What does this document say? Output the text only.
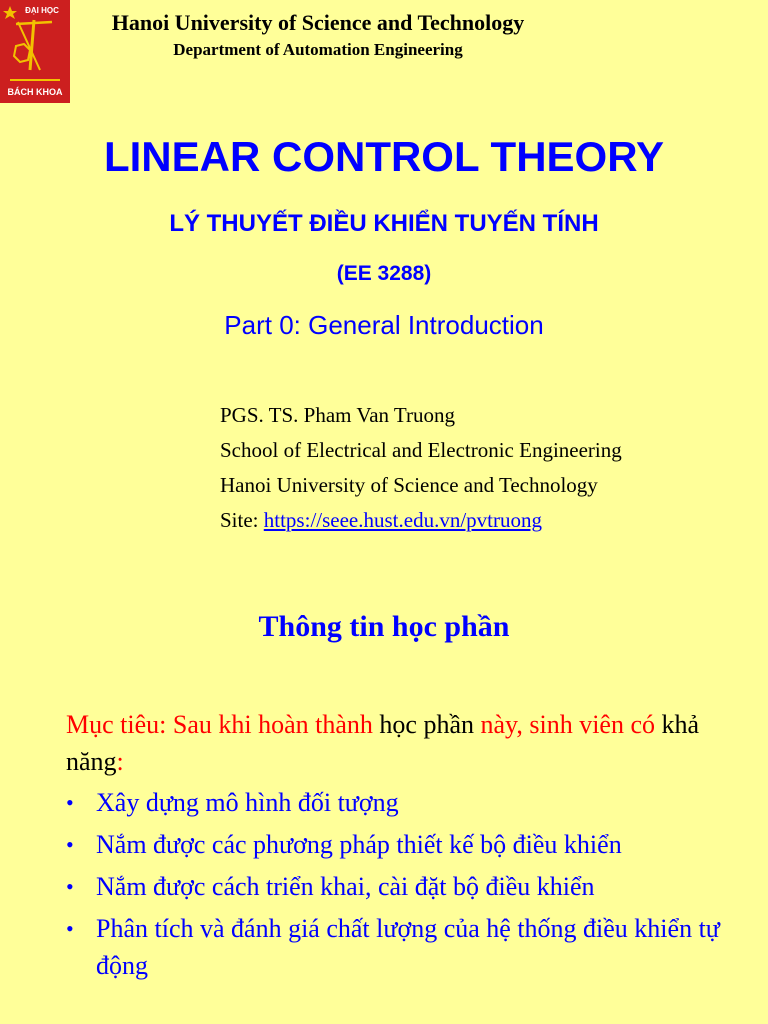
ĐẠI HỌC
BÁCH KHOA
Hanoi University of Science and Technology
Department of Automation Engineering
LINEAR CONTROL THEORY
LÝ THUYẾT ĐIỀU KHIỂN TUYẾN TÍNH
(EE 3288)
Part 0: General Introduction
PGS. TS. Pham Van Truong
School of Electrical and Electronic Engineering
Hanoi University of Science and Technology
Site: https://seee.hust.edu.vn/pvtruong
Thông tin học phần
Mục tiêu: Sau khi hoàn thành học phần này, sinh viên có khả năng:
• Xây dựng mô hình đối tượng
• Nắm được các phương pháp thiết kế bộ điều khiển
• Nắm được cách triển khai, cài đặt bộ điều khiển
• Phân tích và đánh giá chất lượng của hệ thống điều khiển tự động
